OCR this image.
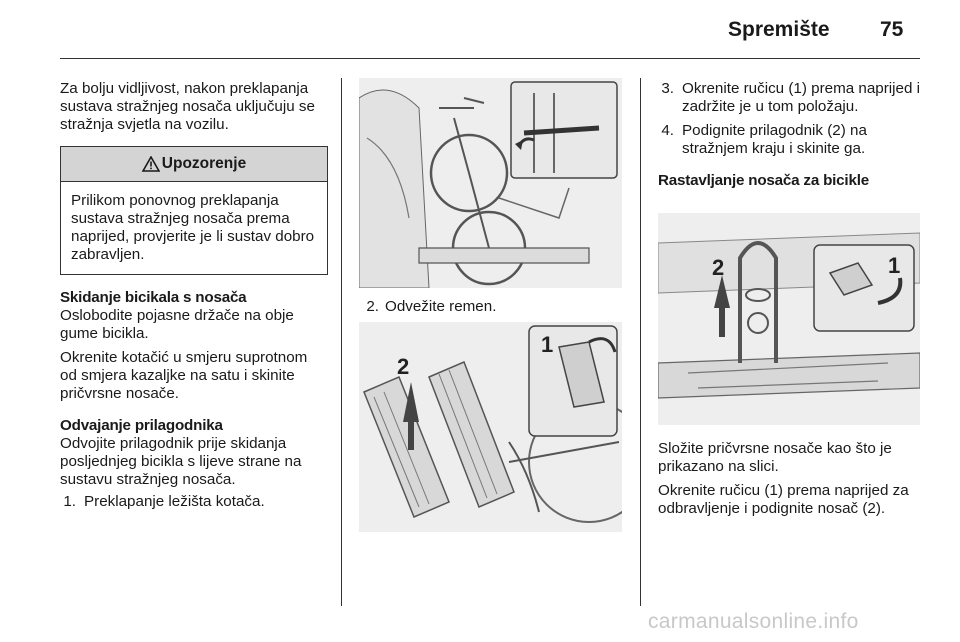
Spremište 75

Za bolju vidljivost, nakon preklapanja sustava stražnjeg nosača uključuju se stražnja svjetla na vozilu.

Upozorenje
Prilikom ponovnog preklapanja sustava stražnjeg nosača prema naprijed, provjerite je li sustav dobro zabravljen.

Skidanje bicikala s nosača

Oslobodite pojasne držače na obje gume bicikla.

Okrenite kotačić u smjeru suprotnom od smjera kazaljke na satu i skinite pričvrsne nosače.

Odvajanje prilagodnika

Odvojite prilagodnik prije skidanja posljednjeg bicikla s lijeve strane na sustavu stražnjeg nosača.

1. Preklapanje ležišta kotača.
2. Odvežite remen.
2
1
3. Okrenite ručicu (1) prema naprijed i zadržite je u tom položaju.
4. Podignite prilagodnik (2) na stražnjem kraju i skinite ga.

Rastavljanje nosača za bicikle

2	1

Složite pričvrsne nosače kao što je prikazano na slici.

Okrenite ručicu (1) prema naprijed za odbravljenje i podignite nosač (2).

carmanualsonline.info
